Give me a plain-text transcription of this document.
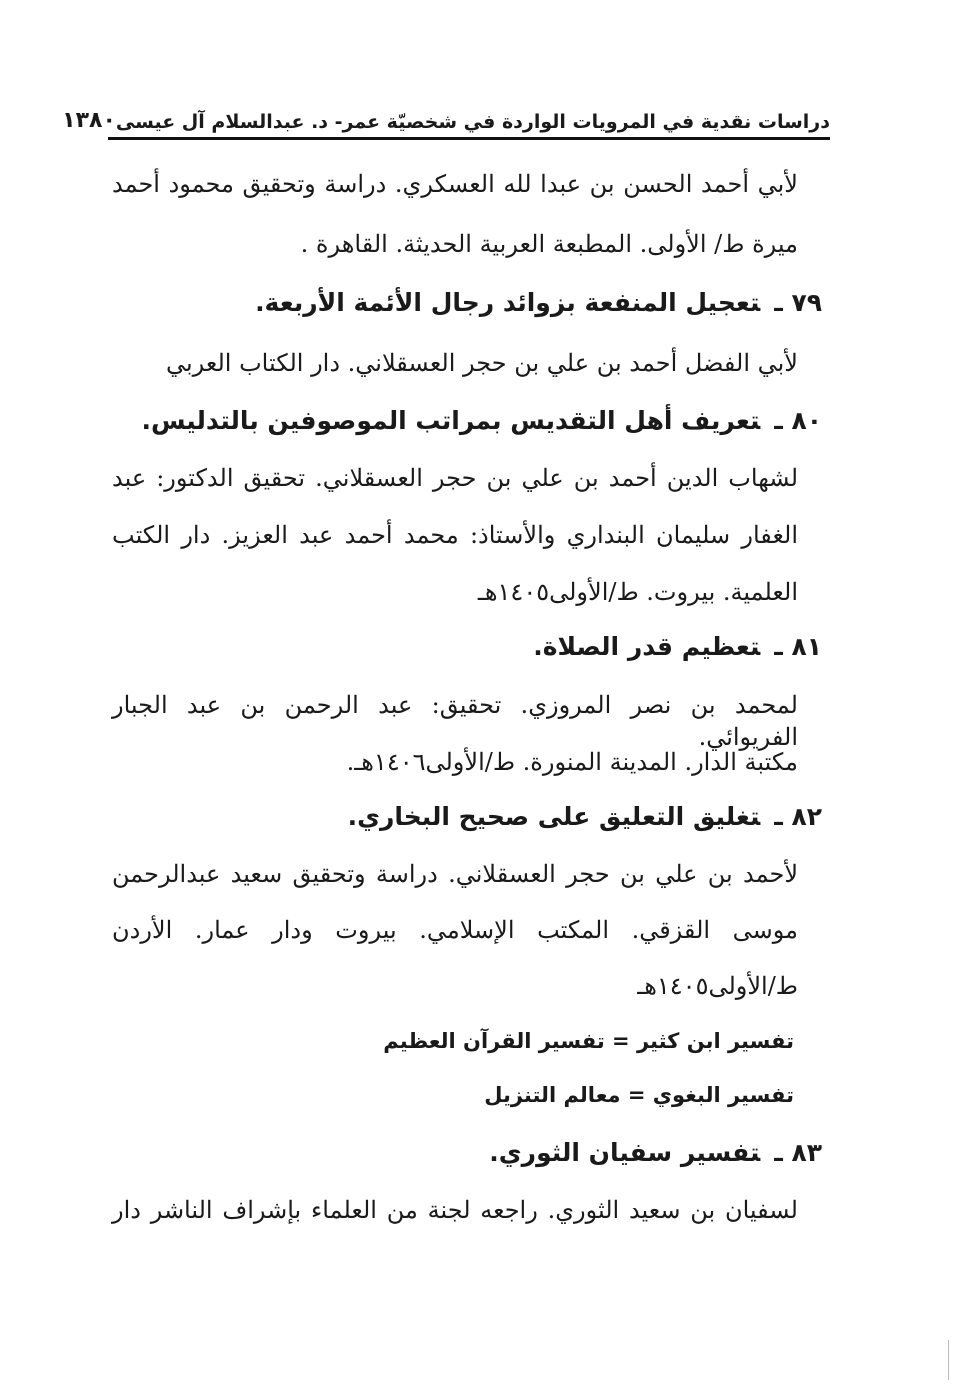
دراسات نقدية في المرويات الواردة في شخصيّة عمر- د. عبدالسلام آل عيسى
١٣٨٠
لأبي أحمد الحسن بن عبدا لله العسكري. دراسة وتحقيق محمود أحمد
ميرة ط/ الأولى. المطبعة العربية الحديثة. القاهرة .
٧٩ ـتعجيل المنفعة بزوائد رجال الأئمة الأربعة.
لأبي الفضل أحمد بن علي بن حجر العسقلاني. دار الكتاب العربي
٨٠ ـتعريف أهل التقديس بمراتب الموصوفين بالتدليس.
لشهاب الدين أحمد بن علي بن حجر العسقلاني. تحقيق الدكتور: عبد
الغفار سليمان البنداري والأستاذ: محمد أحمد عبد العزيز. دار الكتب
العلمية. بيروت. ط/الأولى١٤٠٥هـ
٨١ ـتعظيم قدر الصلاة.
لمحمد بن نصر المروزي. تحقيق: عبد الرحمن بن عبد الجبار الفريوائي.
مكتبة الدار. المدينة المنورة. ط/الأولى١٤٠٦هـ.
٨٢ ـتغليق التعليق على صحيح البخاري.
لأحمد بن علي بن حجر العسقلاني. دراسة وتحقيق سعيد عبدالرحمن
موسى القزقي. المكتب الإسلامي. بيروت ودار عمار. الأردن
ط/الأولى١٤٠٥هـ
تفسير ابن كثير = تفسير القرآن العظيم
تفسير البغوي = معالم التنزيل
٨٣ ـتفسير سفيان الثوري.
لسفيان بن سعيد الثوري. راجعه لجنة من العلماء بإشراف الناشر دار
